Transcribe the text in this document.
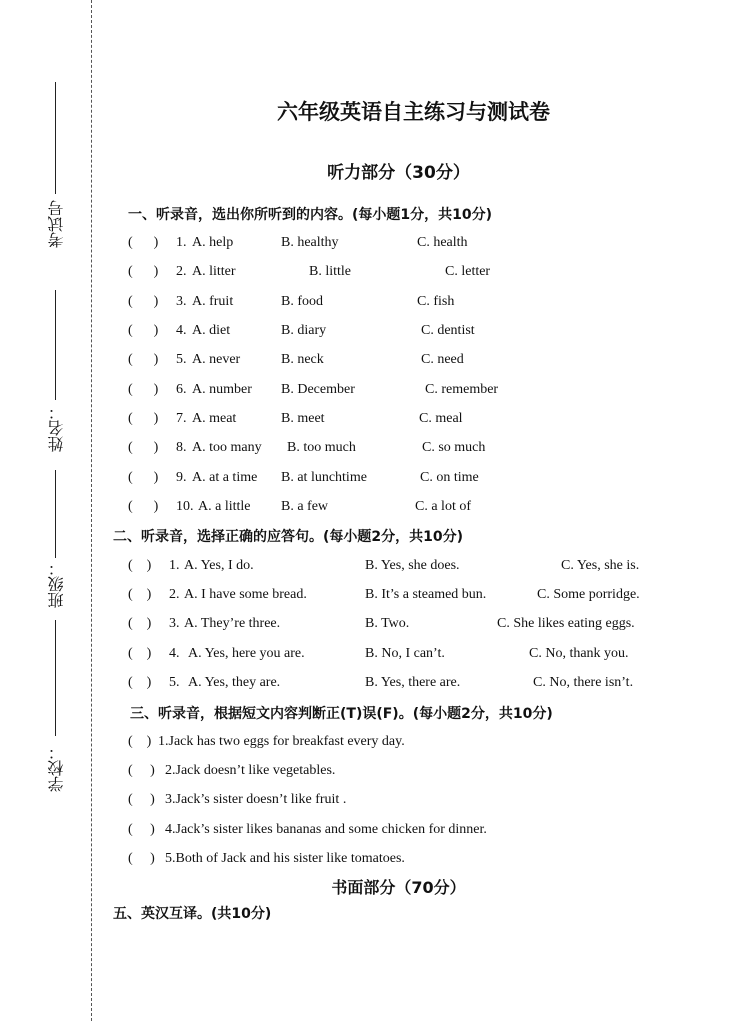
考试号
姓名：
班级：
学校：
六年级英语自主练习与测试卷
听力部分（30分）
一、听录音，选出你所听到的内容。(每小题1分，共10分)
(      ) 1. A. help	B. healthy	C. health
(      ) 2. A. litter	B. little	C. letter
(      ) 3. A. fruit	B. food	C. fish
(      ) 4. A. diet	B. diary	C. dentist
(      ) 5. A. never	B. neck	C. need
(      ) 6. A. number B. December	C. remember
(      ) 7. A. meat	B. meet	C. meal
(      ) 8. A. too many B. too much	C. so much
(      ) 9. A. at a time B. at lunchtime	C. on time
(      ) 10. A. a little B. a few	C. a lot of
二、听录音，选择正确的应答句。(每小题2分，共10分)
(    ) 1. A. Yes, I do.	B. Yes, she does.	C. Yes, she is.
(    ) 2. A. I have some bread.	B. It’s a steamed bun.	C. Some porridge.
(    ) 3. A. They’re three.	B. Two.	C. She likes eating eggs.
(    ) 4. A. Yes, here you are.	B. No, I can’t.	C. No, thank you.
(    ) 5. A. Yes, they are.	B. Yes, there are.	C. No, there isn’t.
三、听录音，根据短文内容判断正(T)误(F)。(每小题2分，共10分)
(    ) 1.Jack has two eggs for breakfast every day.
(     ) 2.Jack doesn’t like vegetables.
(     ) 3.Jack’s sister doesn’t like fruit .
(     ) 4.Jack’s sister likes bananas and some chicken for dinner.
(     ) 5.Both of Jack and his sister like tomatoes.
书面部分（70分）
五、英汉互译。(共10分)
